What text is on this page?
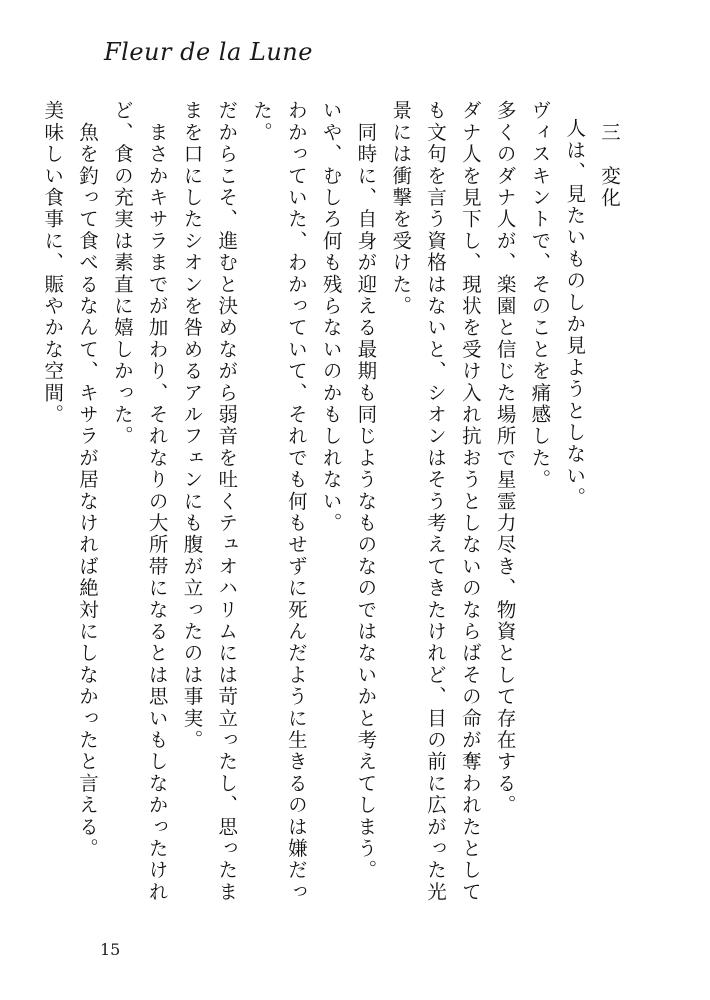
Fleur de la Lune
三　変化
人は、見たいものしか見ようとしない。
ヴィスキントで、そのことを痛感した。
多くのダナ人が、楽園と信じた場所で星霊力尽き、物資として存在する。
ダナ人を見下し、現状を受け入れ抗おうとしないのならばその命が奪われたとしても文句を言う資格はないと、シオンはそう考えてきたけれど、目の前に広がった光景には衝撃を受けた。
　同時に、自身が迎える最期も同じようなものなのではないかと考えてしまう。
いや、むしろ何も残らないのかもしれない。
わかっていた、わかっていて、それでも何もせずに死んだように生きるのは嫌だった。
だからこそ、進むと決めながら弱音を吐くテュオハリムには苛立ったし、思ったままを口にしたシオンを咎めるアルフェンにも腹が立ったのは事実。
　まさかキサラまでが加わり、それなりの大所帯になるとは思いもしなかったけれど、食の充実は素直に嬉しかった。
　魚を釣って食べるなんて、キサラが居なければ絶対にしなかったと言える。
美味しい食事に、賑やかな空間。
15
